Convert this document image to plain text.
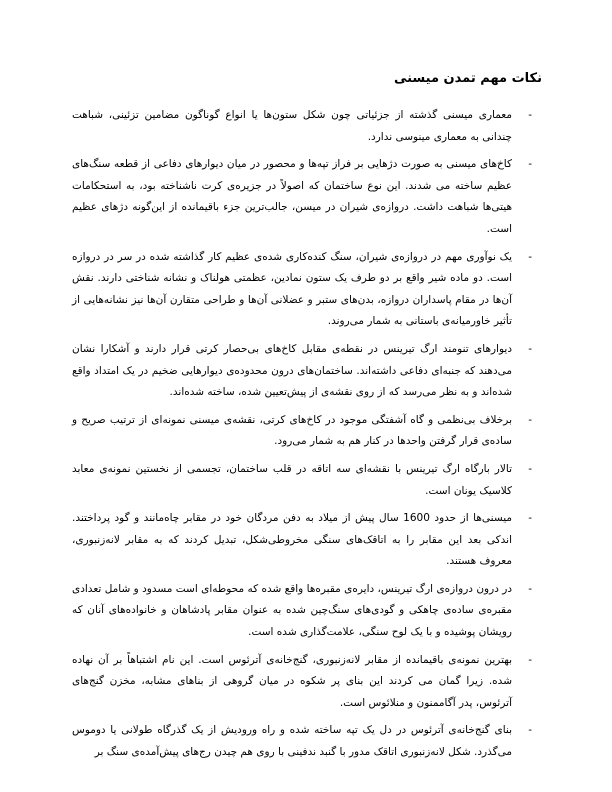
نکات مهم تمدن میسنی
-
معماری میسنی گذشته از جزئیاتی چون شکل ستون‌ها یا انواع گوناگون مضامین تزئینی، شباهت چندانی به معماری مینوسی ندارد.
-
کاخ‌های میسنی به صورت دژهایی بر فراز تپه‌ها و محصور در میان دیوارهای دفاعی از قطعه سنگ‌های عظیم ساخته می شدند. این نوع ساختمان که اصولاً در جزیره‌ی کرت ناشناخته بود، به استحکامات هیتی‌ها شباهت داشت. دروازه‌ی شیران در میسن، جالب‌ترین جزء باقیمانده از این‌گونه دژهای عظیم است.
-
یک نوآوری مهم در دروازه‌ی شیران، سنگ کنده‌کاری شده‌ی عظیم کار گذاشته شده در سر در دروازه است. دو ماده شیر واقع بر دو طرف یک ستون نمادین، عظمتی هولناک و نشانه شناختی دارند. نقش آن‌ها در مقام پاسداران دروازه، بدن‌های ستبر و عضلانی آن‌ها و طراحی متقارن آن‌ها نیز نشانه‌هایی از تأثیر خاورمیانه‌ی باستانی به شمار می‌روند.
-
دیوارهای تنومند ارگ تیرینس در نقطه‌ی مقابل کاخ‌های بی‌حصار کرتی قرار دارند و آشکارا نشان می‌دهند که جنبه‌ای دفاعی داشته‌اند. ساختمان‌های درون محدوده‌ی دیوارهایی ضخیم در یک امتداد واقع شده‌اند و به نظر می‌رسد که از روی نقشه‌ی از پیش‌تعیین شده، ساخته شده‌اند.
-
برخلاف بی‌نظمی و گاه آشفتگی موجود در کاخ‌های کرتی، نقشه‌ی میسنی نمونه‌ای از ترتیب صریح و ساده‌ی قرار گرفتن واحدها در کنار هم به شمار می‌رود.
-
تالار بارگاه ارگ تیرینس با نقشه‌ای سه اتاقه در قلب ساختمان، تجسمی از نخستین نمونه‌ی معابد کلاسیک یونان است.
-
میسنی‌ها از حدود 1600 سال پیش از میلاد به دفن مردگان خود در مقابر چاه‌مانند و گود پرداختند. اندکی بعد این مقابر را به اتاقک‌های سنگی مخروطی‌شکل، تبدیل کردند که به مقابر لانه‌زنبوری، معروف هستند.
-
در درون دروازه‌ی ارگ تیرینس، دایره‌ی مقبره‌ها واقع شده که محوطه‌ای است مسدود و شامل تعدادی مقبره‌ی ساده‌ی چاهکی و گودی‌های سنگ‌چین شده به عنوان مقابر پادشاهان و خانواده‌های آنان که رویشان پوشیده و با یک لوح سنگی، علامت‌گذاری شده است.
-
بهترین نمونه‌ی باقیمانده از مقابر لانه‌زنبوری، گنج‌خانه‌ی آترئوس است. این نام اشتباهاً بر آن نهاده شده. زیرا گمان می کردند این بنای پر شکوه در میان گروهی از بناهای مشابه، مخزن گنج‌های آترئوس، پدر آگاممنون و منلائوس است.
-
بنای گنج‌خانه‌ی آترئوس در دل یک تپه ساخته شده و راه ورودیش از یک گذرگاه طولانی یا دوموس می‌گذرد. شکل لانه‌زنبوری اتاقک مدور با گنبد ندفینی با روی هم چیدن رج‌های پیش‌آمده‌ی سنگ بر
